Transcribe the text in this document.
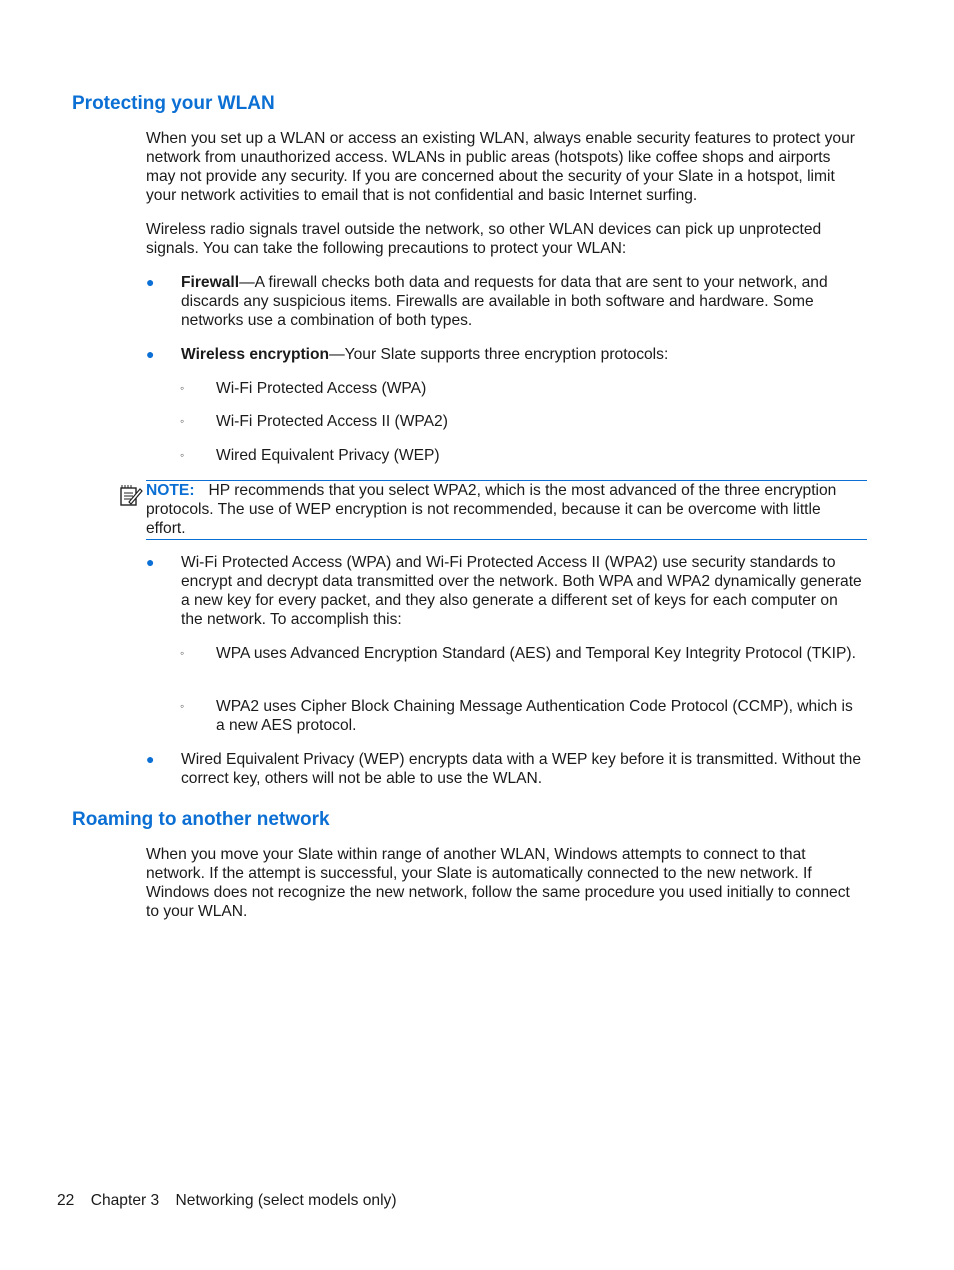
Protecting your WLAN

When you set up a WLAN or access an existing WLAN, always enable security features to protect your network from unauthorized access. WLANs in public areas (hotspots) like coffee shops and airports may not provide any security. If you are concerned about the security of your Slate in a hotspot, limit your network activities to email that is not confidential and basic Internet surfing.

Wireless radio signals travel outside the network, so other WLAN devices can pick up unprotected signals. You can take the following precautions to protect your WLAN:

● Firewall—A firewall checks both data and requests for data that are sent to your network, and discards any suspicious items. Firewalls are available in both software and hardware. Some networks use a combination of both types.
● Wireless encryption—Your Slate supports three encryption protocols:
◦ Wi-Fi Protected Access (WPA)
◦ Wi-Fi Protected Access II (WPA2)
◦ Wired Equivalent Privacy (WEP)
NOTE: HP recommends that you select WPA2, which is the most advanced of the three encryption protocols. The use of WEP encryption is not recommended, because it can be overcome with little effort.
● Wi-Fi Protected Access (WPA) and Wi-Fi Protected Access II (WPA2) use security standards to encrypt and decrypt data transmitted over the network. Both WPA and WPA2 dynamically generate a new key for every packet, and they also generate a different set of keys for each computer on the network. To accomplish this:
◦ WPA uses Advanced Encryption Standard (AES) and Temporal Key Integrity Protocol (TKIP).
◦ WPA2 uses Cipher Block Chaining Message Authentication Code Protocol (CCMP), which is a new AES protocol.
● Wired Equivalent Privacy (WEP) encrypts data with a WEP key before it is transmitted. Without the correct key, others will not be able to use the WLAN.
Roaming to another network

When you move your Slate within range of another WLAN, Windows attempts to connect to that network. If the attempt is successful, your Slate is automatically connected to the new network. If Windows does not recognize the new network, follow the same procedure you used initially to connect to your WLAN.

22 Chapter 3 Networking (select models only)
